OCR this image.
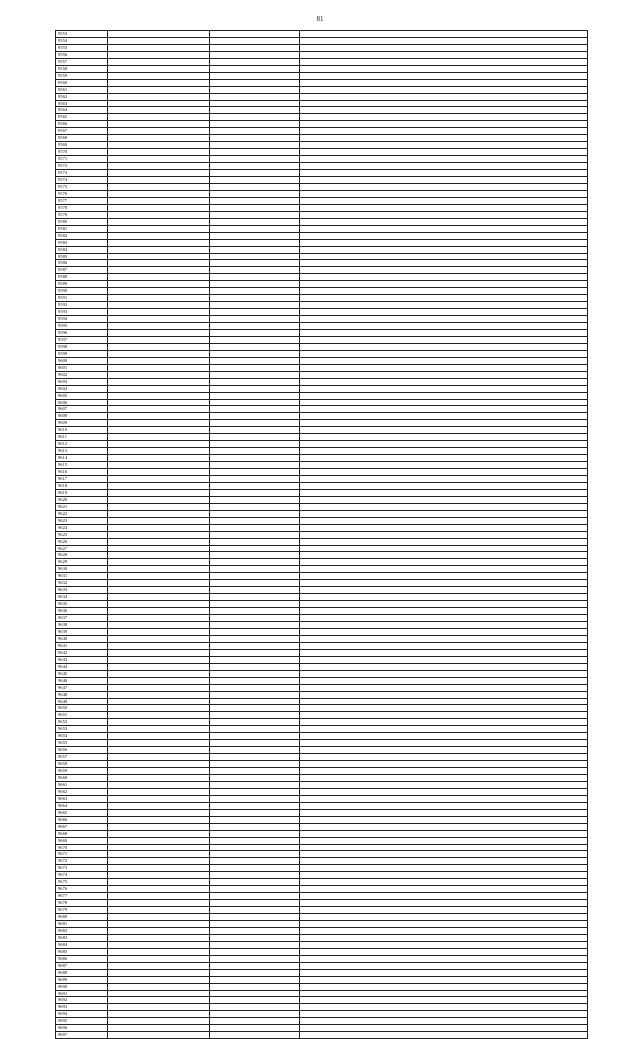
81
9553				
9554				
9555				
9556				
9557				
9558				
9559				
9560				
9561				
9562				
9563				
9564				
9565				
9566				
9567				
9568				
9569				
9570				
9571				
9572				
9573				
9574				
9575				
9576				
9577				
9578				
9579				
9580				
9581				
9582				
9583				
9584				
9585				
9586				
9587				
9588				
9589				
9590				
9591				
9592				
9593				
9594				
9595				
9596				
9597				
9598				
9599				
9600				
9601				
9602				
9603				
9604				
9605				
9606				
9607				
9608				
9609				
9610				
9611				
9612				
9613				
9614				
9615				
9616				
9617				
9618				
9619				
9620				
9621				
9622				
9623				
9624				
9625				
9626				
9627				
9628				
9629				
9630				
9631				
9632				
9633				
9634				
9635				
9636				
9637				
9638				
9639				
9640				
9641				
9642				
9643				
9644				
9645				
9646				
9647				
9648				
9649				
9650				
9651				
9652				
9653				
9654				
9655				
9656				
9657				
9658				
9659				
9660				
9661				
9662				
9663				
9664				
9665				
9666				
9667				
9668				
9669				
9670				
9671				
9672				
9673				
9674				
9675				
9676				
9677				
9678				
9679				
9680				
9681				
9682				
9683				
9684				
9685				
9686				
9687				
9688				
9689				
9690				
9691				
9692				
9693				
9694				
9695				
9696				
9697				
